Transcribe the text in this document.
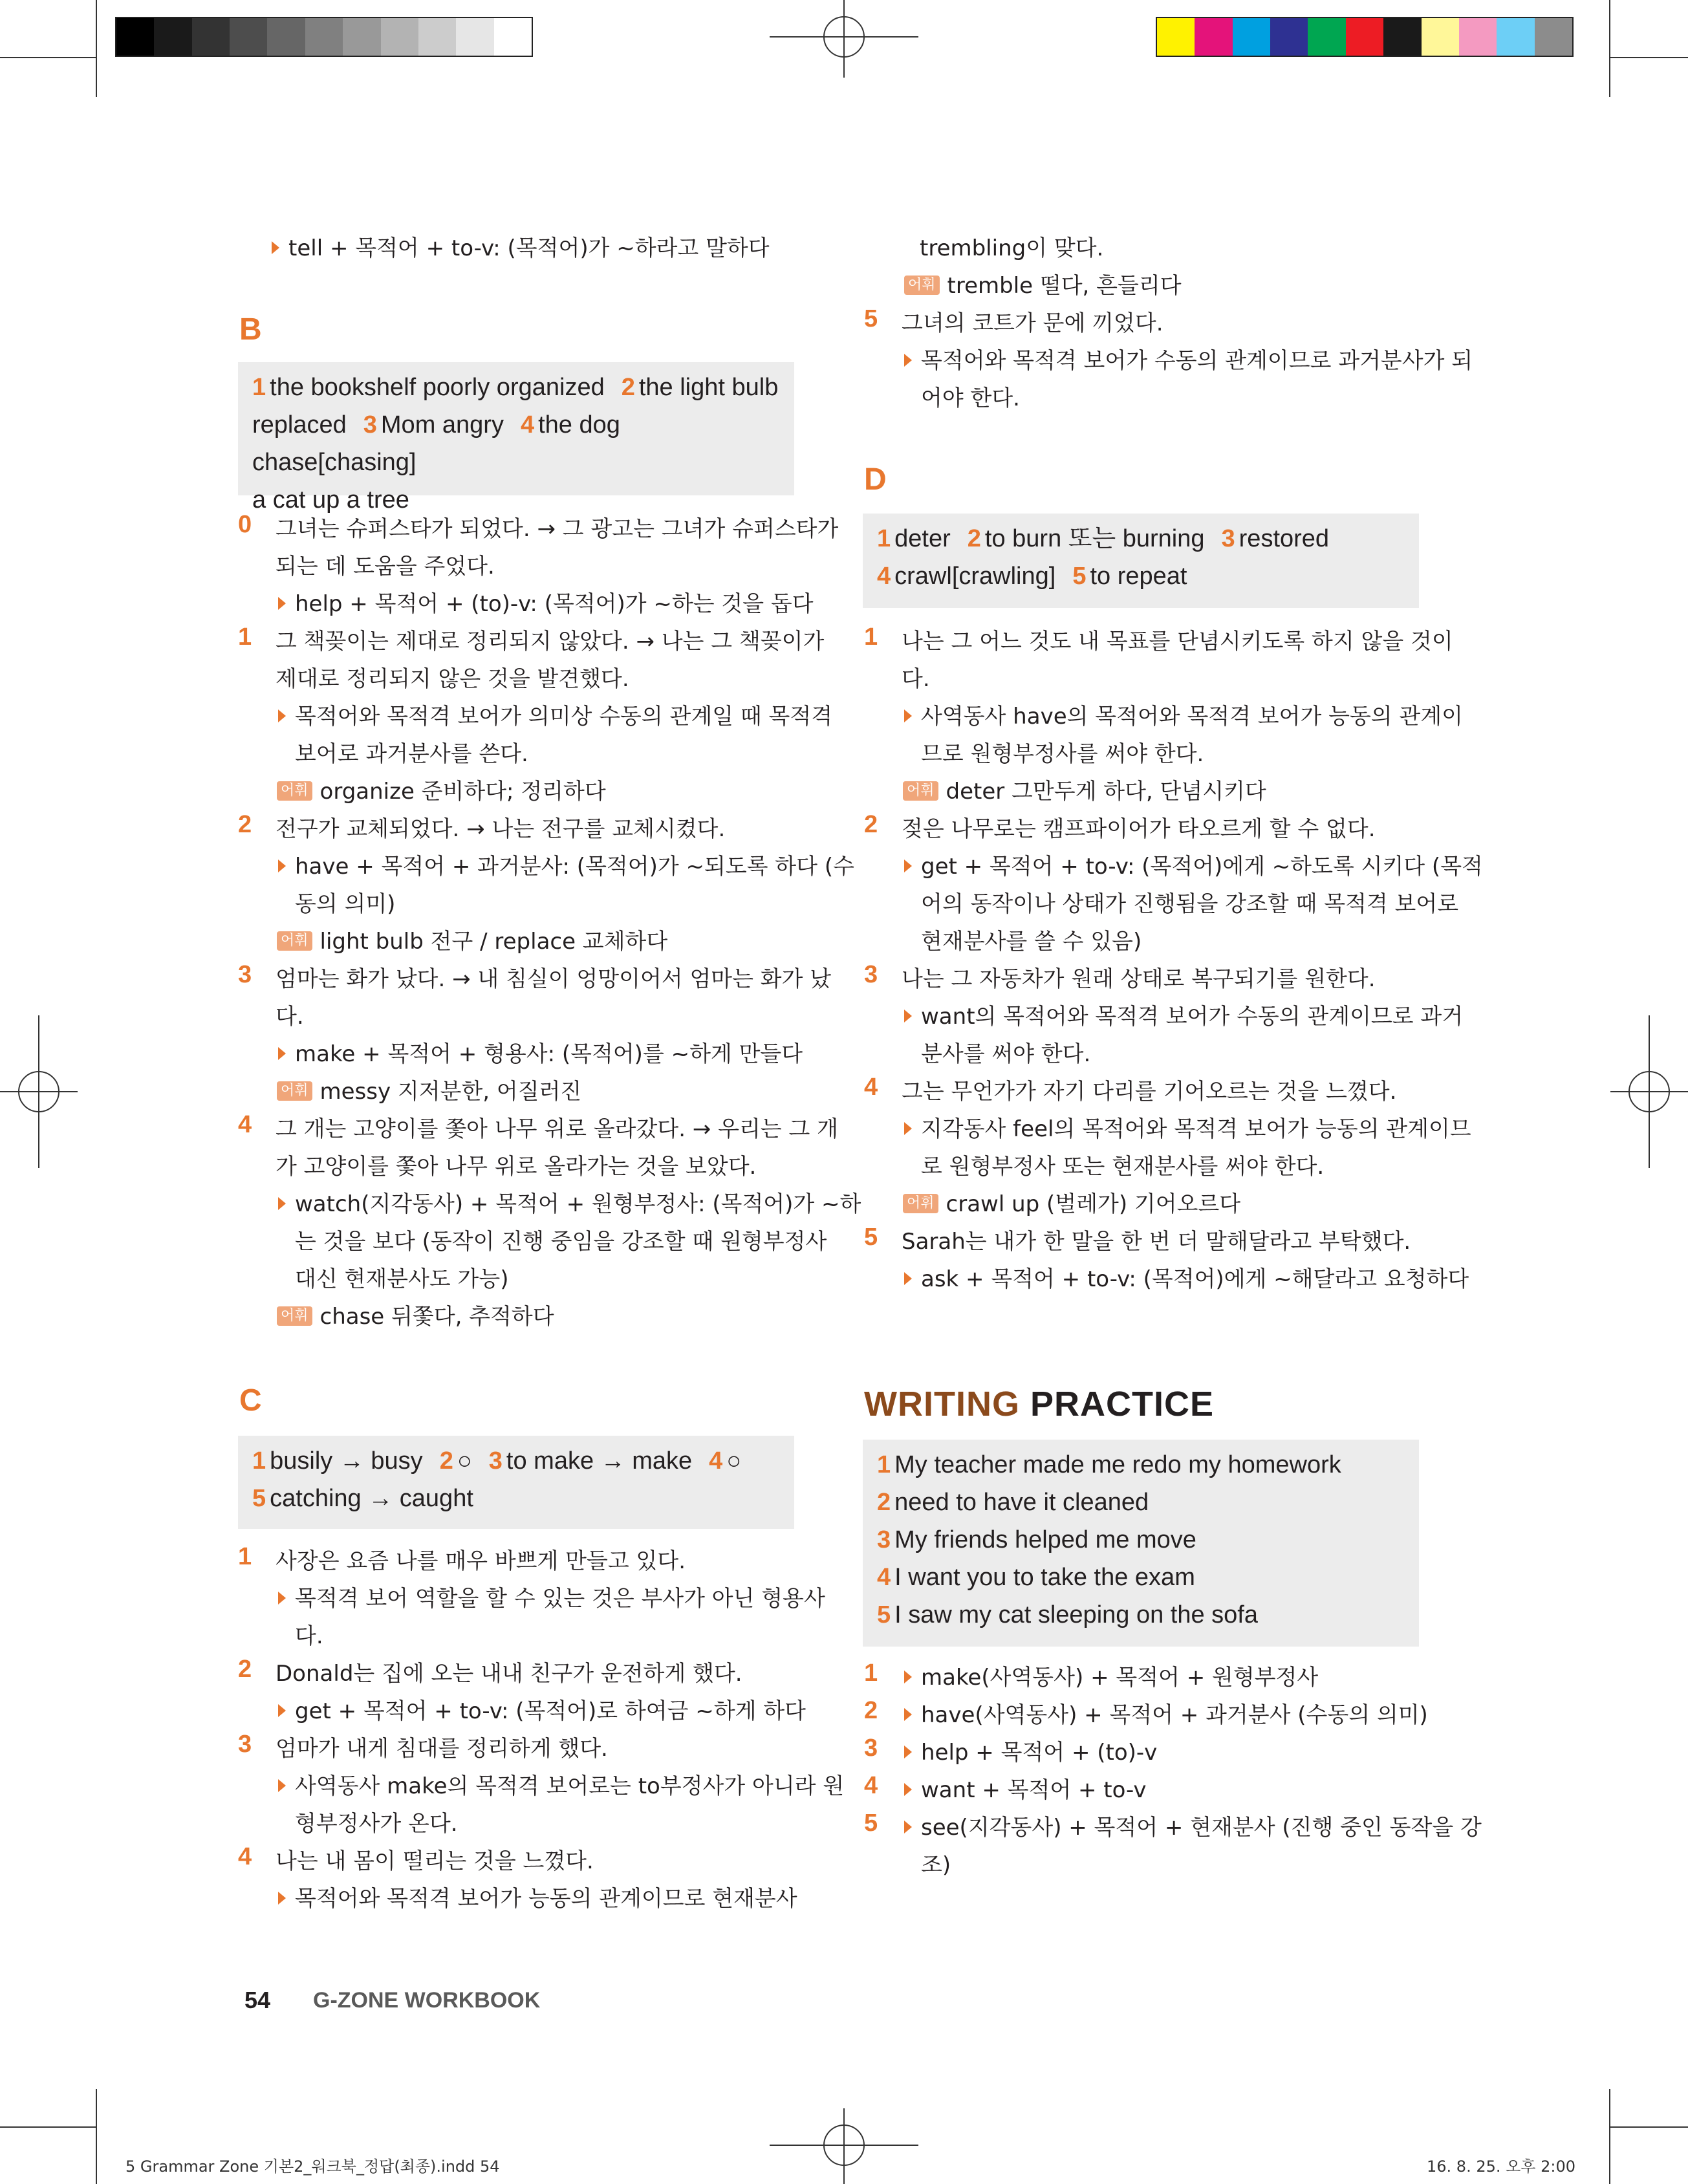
tell + 목적어 + to-v: (목적어)가 ~하라고 말하다
B
1 the bookshelf poorly organized 2 the light bulb
replaced 3 Mom angry 4 the dog chase[chasing]
a cat up a tree
0 그녀는 슈퍼스타가 되었다. → 그 광고는 그녀가 슈퍼스타가
되는 데 도움을 주었다.
help + 목적어 + (to)-v: (목적어)가 ~하는 것을 돕다
1 그 책꽂이는 제대로 정리되지 않았다. → 나는 그 책꽂이가
제대로 정리되지 않은 것을 발견했다.
목적어와 목적격 보어가 의미상 수동의 관계일 때 목적격
보어로 과거분사를 쓴다.
어휘 organize 준비하다; 정리하다
2 전구가 교체되었다. → 나는 전구를 교체시켰다.
have + 목적어 + 과거분사: (목적어)가 ~되도록 하다 (수
동의 의미)
어휘 light bulb 전구 / replace 교체하다
3 엄마는 화가 났다. → 내 침실이 엉망이어서 엄마는 화가 났
다.
make + 목적어 + 형용사: (목적어)를 ~하게 만들다
어휘 messy 지저분한, 어질러진
4 그 개는 고양이를 쫓아 나무 위로 올라갔다. → 우리는 그 개
가 고양이를 쫓아 나무 위로 올라가는 것을 보았다.
watch(지각동사) + 목적어 + 원형부정사: (목적어)가 ~하
는 것을 보다 (동작이 진행 중임을 강조할 때 원형부정사
대신 현재분사도 가능)
어휘 chase 뒤쫓다, 추적하다
C
1 busily → busy 2 ○ 3 to make → make 4 ○
5 catching → caught
1 사장은 요즘 나를 매우 바쁘게 만들고 있다.
목적격 보어 역할을 할 수 있는 것은 부사가 아닌 형용사
다.
2 Donald는 집에 오는 내내 친구가 운전하게 했다.
get + 목적어 + to-v: (목적어)로 하여금 ~하게 하다
3 엄마가 내게 침대를 정리하게 했다.
사역동사 make의 목적격 보어로는 to부정사가 아니라 원
형부정사가 온다.
4 나는 내 몸이 떨리는 것을 느꼈다.
목적어와 목적격 보어가 능동의 관계이므로 현재분사
trembling이 맞다.
어휘 tremble 떨다, 흔들리다
5 그녀의 코트가 문에 끼었다.
목적어와 목적격 보어가 수동의 관계이므로 과거분사가 되
어야 한다.
D
1 deter 2 to burn 또는 burning 3 restored
4 crawl[crawling] 5 to repeat
1 나는 그 어느 것도 내 목표를 단념시키도록 하지 않을 것이
다.
사역동사 have의 목적어와 목적격 보어가 능동의 관계이
므로 원형부정사를 써야 한다.
어휘 deter 그만두게 하다, 단념시키다
2 젖은 나무로는 캠프파이어가 타오르게 할 수 없다.
get + 목적어 + to-v: (목적어)에게 ~하도록 시키다 (목적
어의 동작이나 상태가 진행됨을 강조할 때 목적격 보어로
현재분사를 쓸 수 있음)
3 나는 그 자동차가 원래 상태로 복구되기를 원한다.
want의 목적어와 목적격 보어가 수동의 관계이므로 과거
분사를 써야 한다.
4 그는 무언가가 자기 다리를 기어오르는 것을 느꼈다.
지각동사 feel의 목적어와 목적격 보어가 능동의 관계이므
로 원형부정사 또는 현재분사를 써야 한다.
어휘 crawl up (벌레가) 기어오르다
5 Sarah는 내가 한 말을 한 번 더 말해달라고 부탁했다.
ask + 목적어 + to-v: (목적어)에게 ~해달라고 요청하다
WRITING PRACTICE
1 My teacher made me redo my homework
2 need to have it cleaned
3 My friends helped me move
4 I want you to take the exam
5 I saw my cat sleeping on the sofa
1	make(사역동사) + 목적어 + 원형부정사
2	have(사역동사) + 목적어 + 과거분사 (수동의 의미)
3	help + 목적어 + (to)-v
4	want + 목적어 + to-v
5	see(지각동사) + 목적어 + 현재분사 (진행 중인 동작을 강
조)
54 G-ZONE WORKBOOK
5 Grammar Zone 기본2_워크북_정답(최종).indd 54	16. 8. 25. 오후 2:00
